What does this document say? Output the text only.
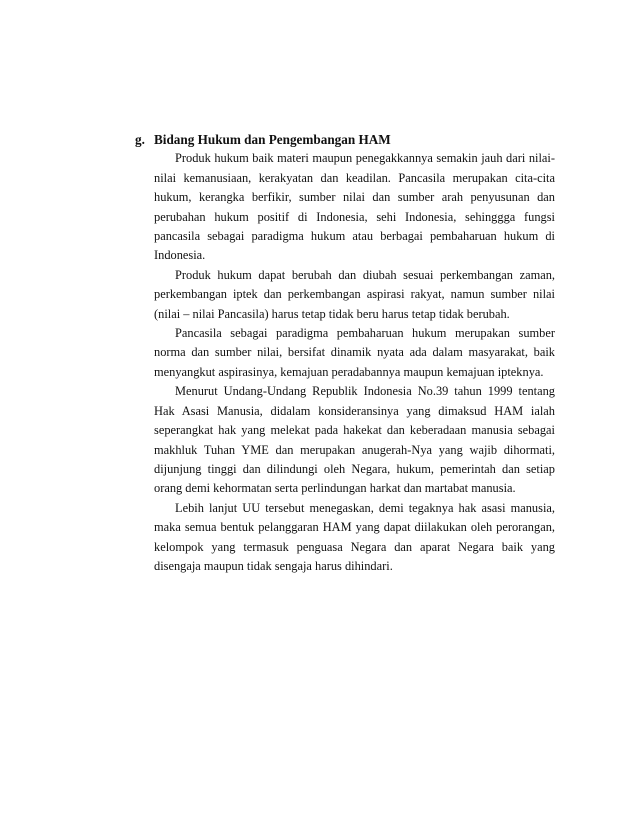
g. Bidang Hukum dan Pengembangan HAM

Produk hukum baik materi maupun penegakkannya semakin jauh dari nilai-nilai kemanusiaan, kerakyatan dan keadilan. Pancasila merupakan cita-cita hukum, kerangka berfikir, sumber nilai dan sumber arah penyusunan dan perubahan hukum positif di Indonesia, sehi Indonesia, sehinggga fungsi pancasila sebagai paradigma hukum atau berbagai pembaharuan hukum di Indonesia.

Produk hukum dapat berubah dan diubah sesuai perkembangan zaman, perkembangan iptek dan perkembangan aspirasi rakyat, namun sumber nilai (nilai – nilai Pancasila) harus tetap tidak beru harus tetap tidak berubah.

Pancasila sebagai paradigma pembaharuan hukum merupakan sumber norma dan sumber nilai, bersifat dinamik nyata ada dalam masyarakat, baik menyangkut aspirasinya, kemajuan peradabannya maupun kemajuan ipteknya.

Menurut Undang-Undang Republik Indonesia No.39 tahun 1999 tentang Hak Asasi Manusia, didalam konsideransinya yang dimaksud HAM ialah seperangkat hak yang melekat pada hakekat dan keberadaan manusia sebagai makhluk Tuhan YME dan merupakan anugerah-Nya yang wajib dihormati, dijunjung tinggi dan dilindungi oleh Negara, hukum, pemerintah dan setiap orang demi kehormatan serta perlindungan harkat dan martabat manusia.

Lebih lanjut UU tersebut menegaskan, demi tegaknya hak asasi manusia, maka semua bentuk pelanggaran HAM yang dapat diilakukan oleh perorangan, kelompok yang termasuk penguasa Negara dan aparat Negara baik yang disengaja maupun tidak sengaja harus dihindari.
